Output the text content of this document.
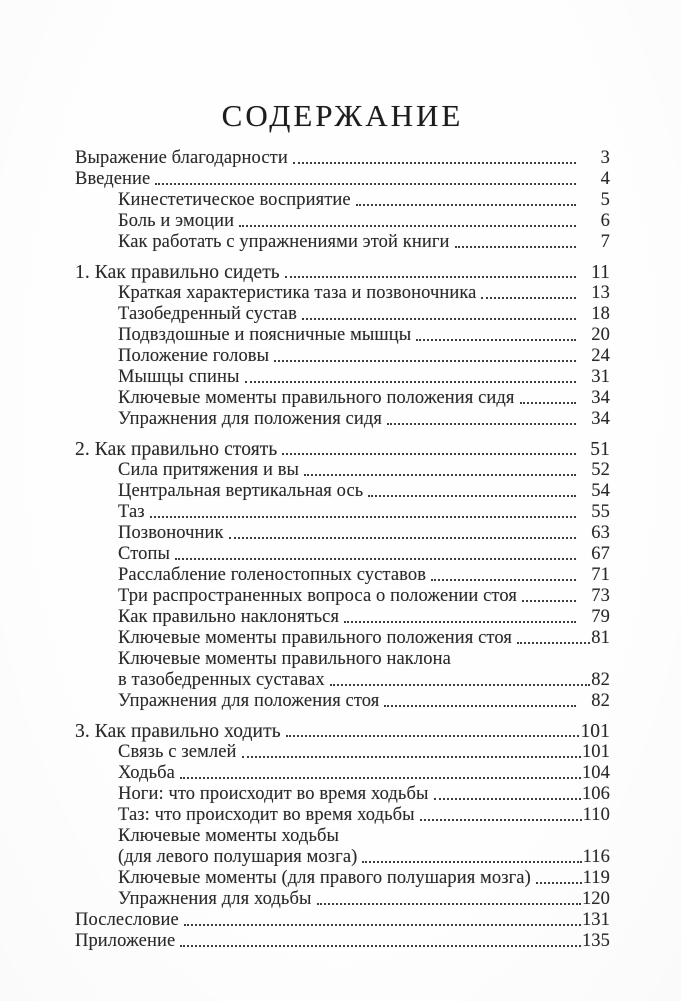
СОДЕРЖАНИЕ
Выражение благодарности	3
Введение	4
Кинестетическое восприятие	5
Боль и эмоции	6
Как работать с упражнениями этой книги	7
1. Как правильно сидеть	11
Краткая характеристика таза и позвоночника	13
Тазобедренный сустав	18
Подвздошные и поясничные мышцы	20
Положение головы	24
Мышцы спины	31
Ключевые моменты правильного положения сидя	34
Упражнения для положения сидя	34
2. Как правильно стоять	51
Сила притяжения и вы	52
Центральная вертикальная ось	54
Таз	55
Позвоночник	63
Стопы	67
Расслабление голеностопных суставов	71
Три распространенных вопроса о положении стоя	73
Как правильно наклоняться	79
Ключевые моменты правильного положения стоя	81
Ключевые моменты правильного наклона
в тазобедренных суставах	82
Упражнения для положения стоя	82
3. Как правильно ходить	101
Связь с землей	101
Ходьба	104
Ноги: что происходит во время ходьбы	106
Таз: что происходит во время ходьбы	110
Ключевые моменты ходьбы
(для левого полушария мозга)	116
Ключевые моменты (для правого полушария мозга)	119
Упражнения для ходьбы	120
Послесловие	131
Приложение	135
